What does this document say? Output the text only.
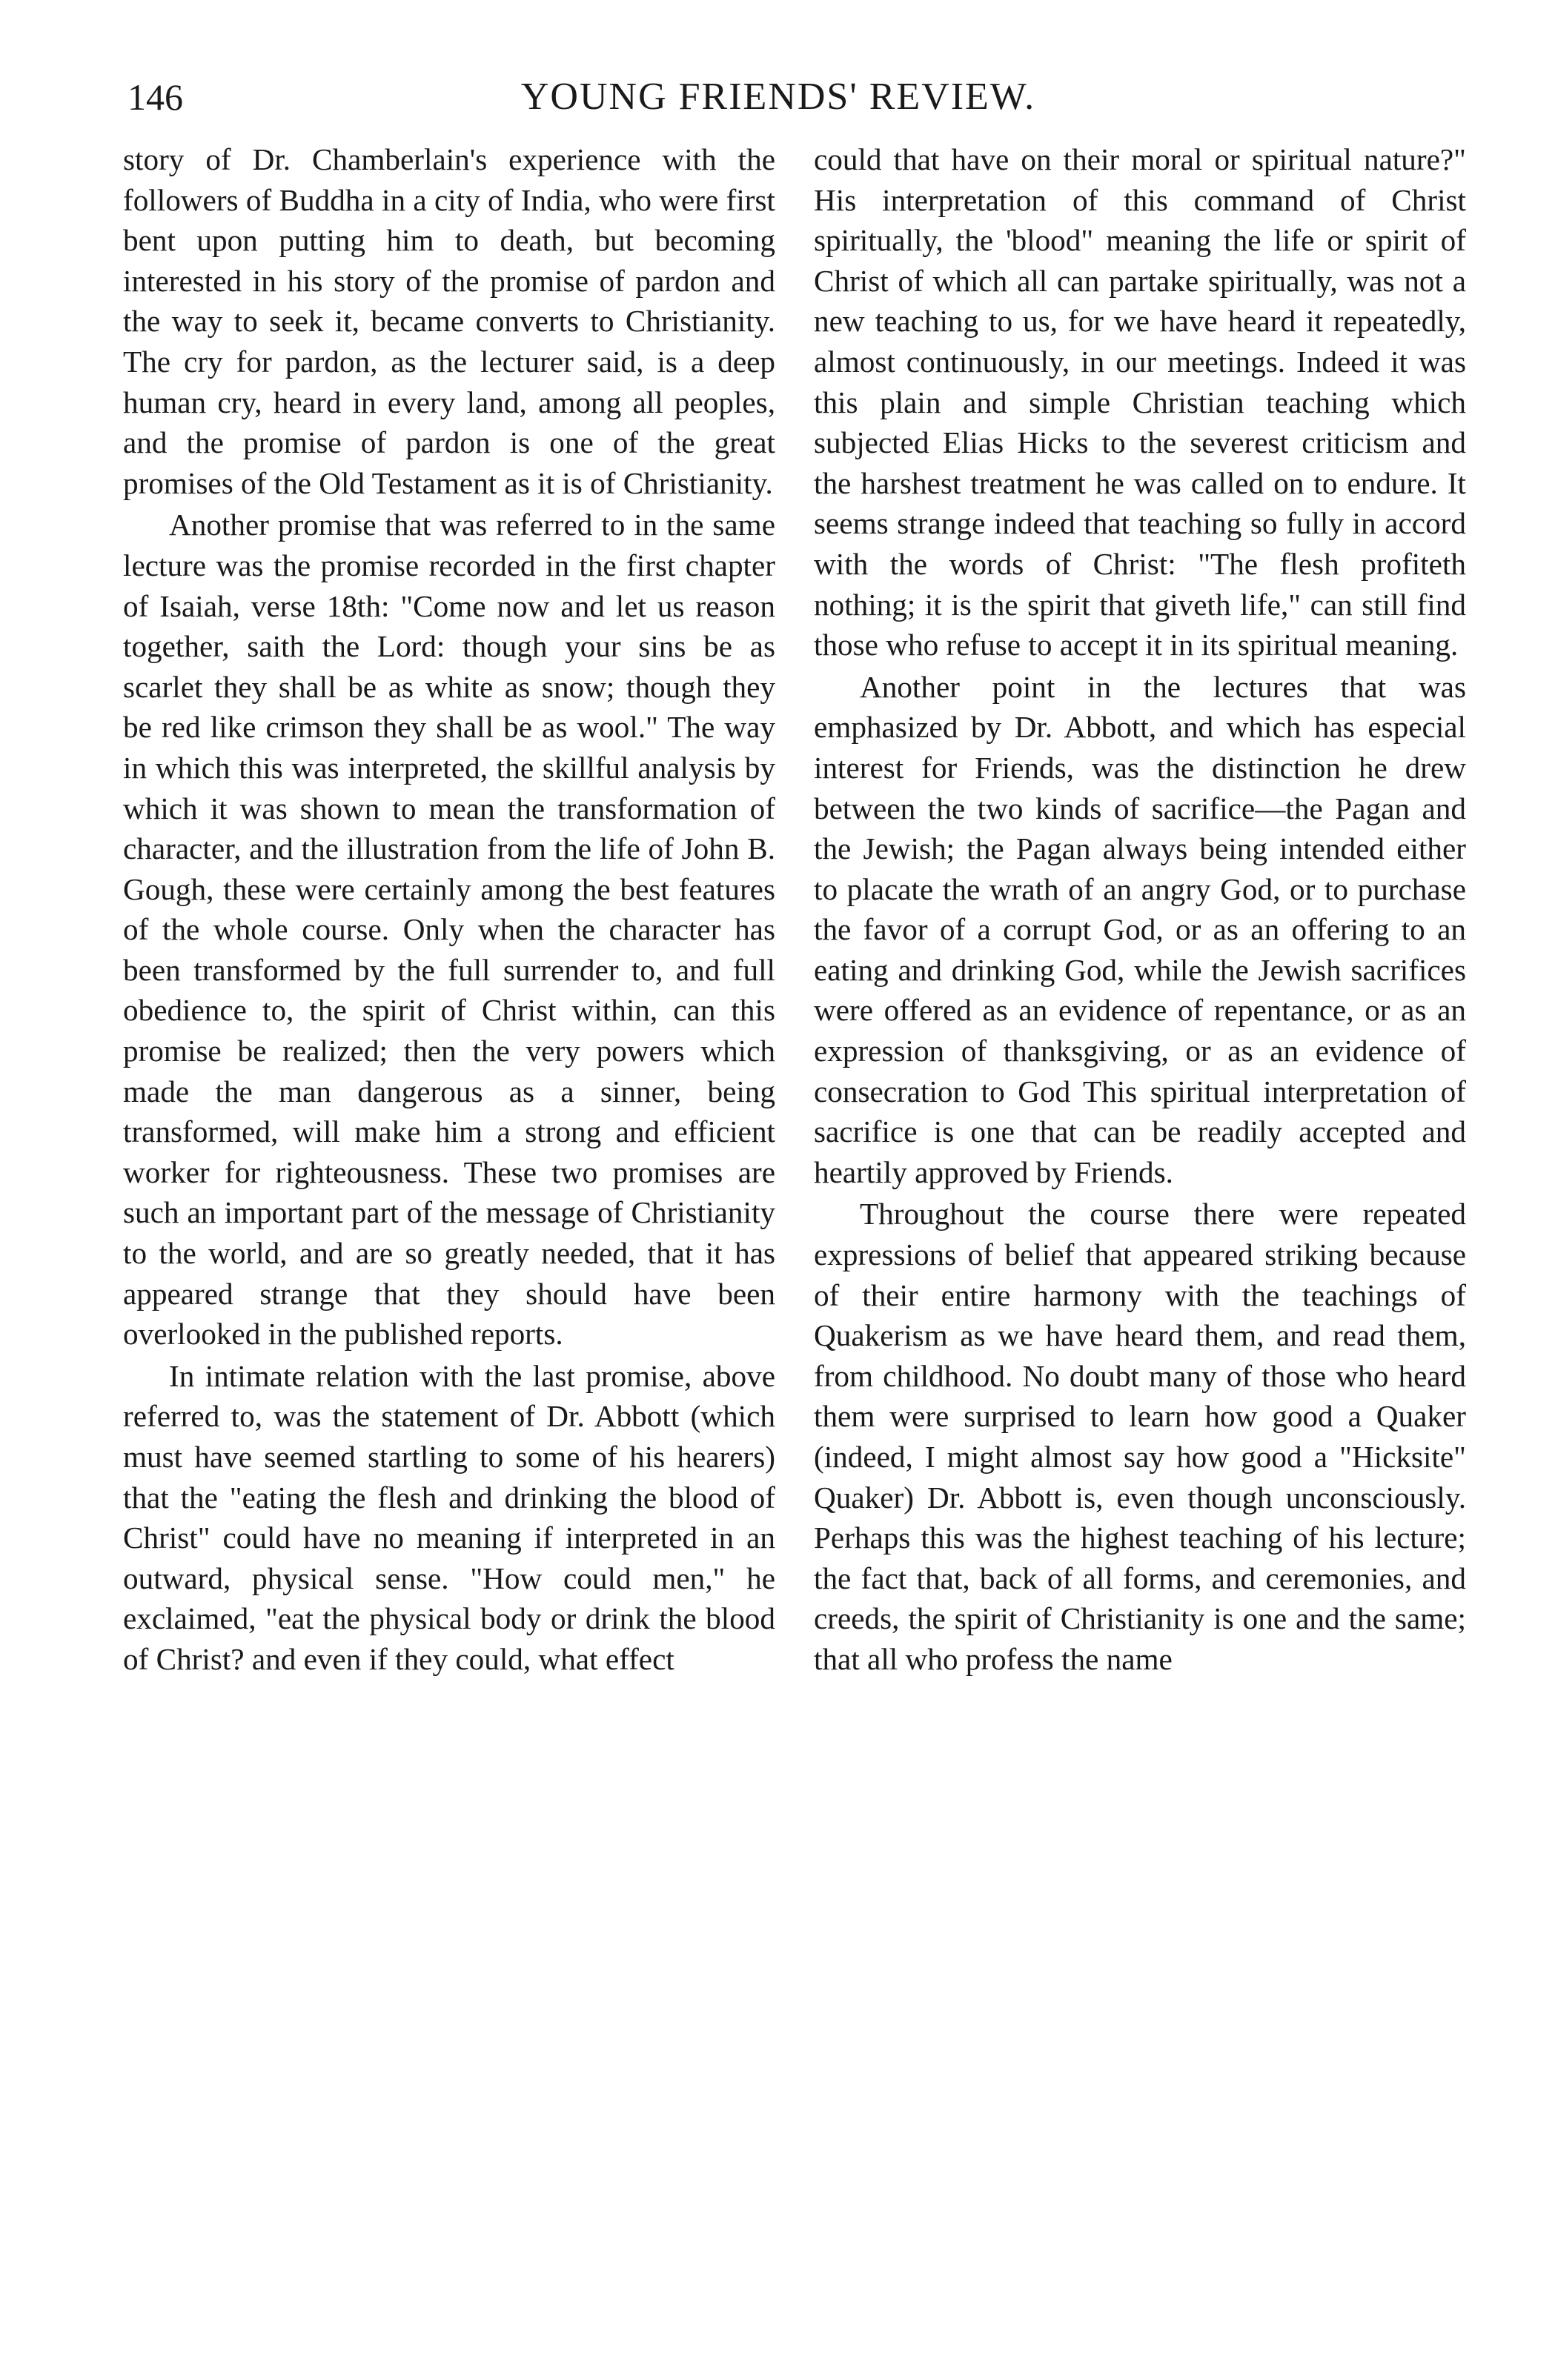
146	YOUNG FRIENDS' REVIEW.

story of Dr. Chamberlain's experience with the followers of Buddha in a city of India, who were first bent upon putting him to death, but becoming interested in his story of the promise of pardon and the way to seek it, became converts to Christianity. The cry for pardon, as the lecturer said, is a deep human cry, heard in every land, among all peoples, and the promise of pardon is one of the great promises of the Old Testament as it is of Christianity.

Another promise that was referred to in the same lecture was the promise recorded in the first chapter of Isaiah, verse 18th: "Come now and let us reason together, saith the Lord: though your sins be as scarlet they shall be as white as snow; though they be red like crimson they shall be as wool." The way in which this was interpreted, the skillful analysis by which it was shown to mean the transformation of character, and the illustration from the life of John B. Gough, these were certainly among the best features of the whole course. Only when the character has been transformed by the full surrender to, and full obedience to, the spirit of Christ within, can this promise be realized; then the very powers which made the man dangerous as a sinner, being transformed, will make him a strong and efficient worker for righteousness. These two promises are such an important part of the message of Christianity to the world, and are so greatly needed, that it has appeared strange that they should have been overlooked in the published reports.

In intimate relation with the last promise, above referred to, was the statement of Dr. Abbott (which must have seemed startling to some of his hearers) that the "eating the flesh and drinking the blood of Christ" could have no meaning if interpreted in an outward, physical sense. "How could men," he exclaimed, "eat the physical body or drink the blood of Christ? and even if they could, what effect

could that have on their moral or spiritual nature?" His interpretation of this command of Christ spiritually, the 'blood" meaning the life or spirit of Christ of which all can partake spiritually, was not a new teaching to us, for we have heard it repeatedly, almost continuously, in our meetings. Indeed it was this plain and simple Christian teaching which subjected Elias Hicks to the severest criticism and the harshest treatment he was called on to endure. It seems strange indeed that teaching so fully in accord with the words of Christ: "The flesh profiteth nothing; it is the spirit that giveth life," can still find those who refuse to accept it in its spiritual meaning.

Another point in the lectures that was emphasized by Dr. Abbott, and which has especial interest for Friends, was the distinction he drew between the two kinds of sacrifice—the Pagan and the Jewish; the Pagan always being intended either to placate the wrath of an angry God, or to purchase the favor of a corrupt God, or as an offering to an eating and drinking God, while the Jewish sacrifices were offered as an evidence of repentance, or as an expression of thanksgiving, or as an evidence of consecration to God This spiritual interpretation of sacrifice is one that can be readily accepted and heartily approved by Friends.

Throughout the course there were repeated expressions of belief that appeared striking because of their entire harmony with the teachings of Quakerism as we have heard them, and read them, from childhood. No doubt many of those who heard them were surprised to learn how good a Quaker (indeed, I might almost say how good a "Hicksite" Quaker) Dr. Abbott is, even though unconsciously. Perhaps this was the highest teaching of his lecture; the fact that, back of all forms, and ceremonies, and creeds, the spirit of Christianity is one and the same; that all who profess the name
